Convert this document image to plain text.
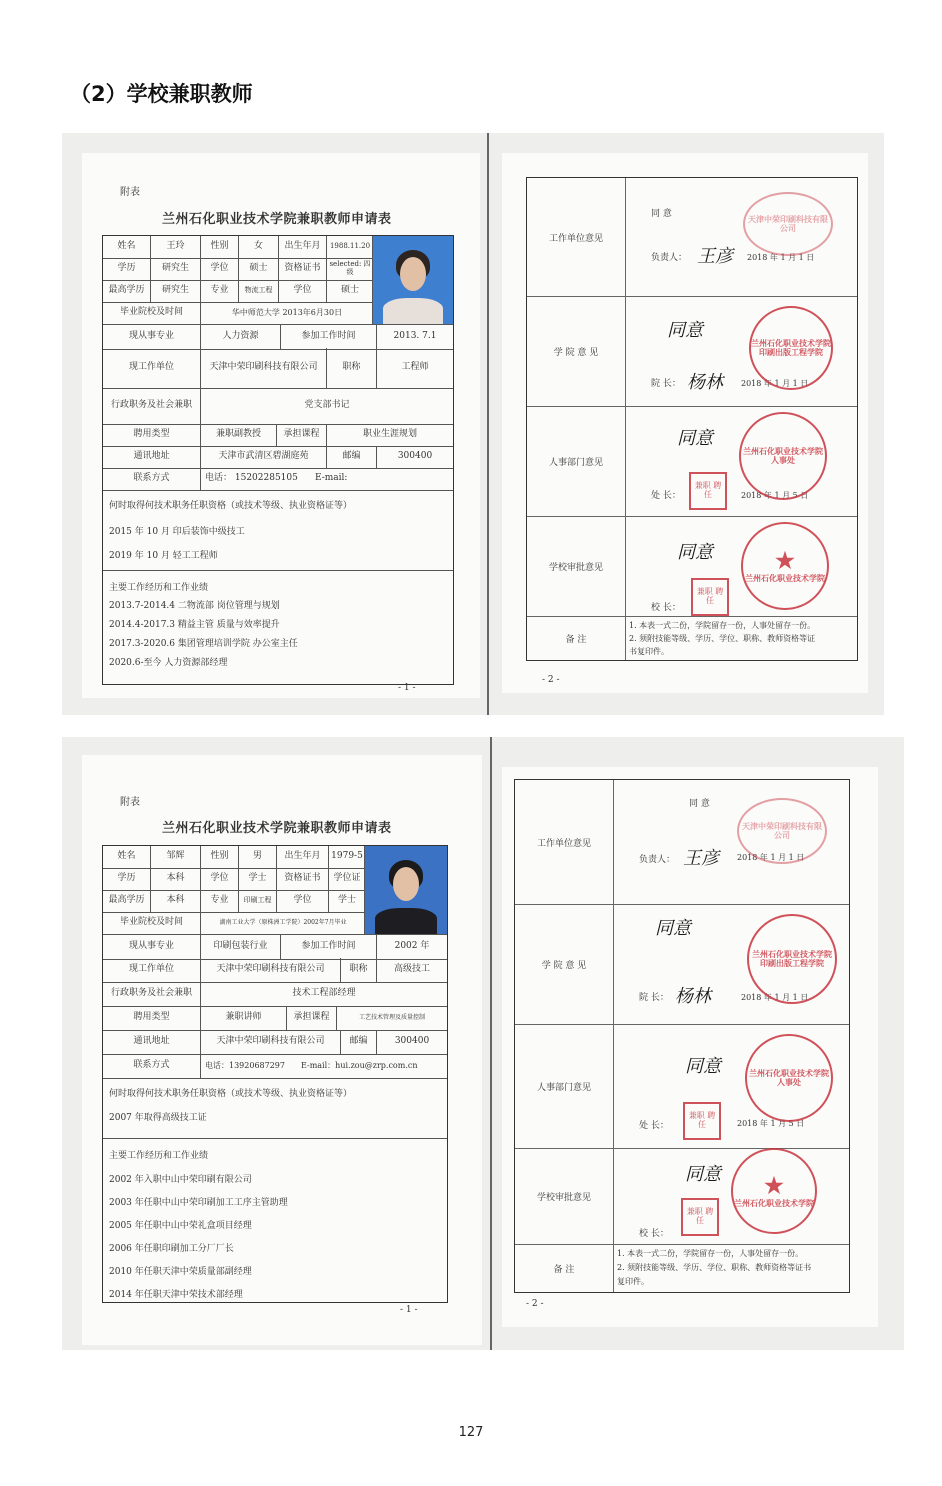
（2）学校兼职教师
附表
兰州石化职业技术学院兼职教师申请表
姓名	王玲	性别	女	出生年月	1988.11.20
学历	研究生	学位	硕士	资格证书	selected: 四级
最高学历	研究生	专业	物流工程	学位	硕士
毕业院校及时间	华中师范大学 2013年6月30日
现从事专业	人力资源	参加工作时间	2013. 7.1
现工作单位	天津中荣印刷科技有限公司	职称	工程师
行政职务及社会兼职	党支部书记
聘用类型	兼职副教授	承担课程	职业生涯规划
通讯地址	天津市武清区碧湖庭苑	邮编	300400
联系方式	电话： 15202285105	E-mail:
何时取得何技术职务任职资格（或技术等级、执业资格证等）
2015 年 10 月 印后装饰中级技工
2019 年 10 月 轻工工程师
主要工作经历和工作业绩
2013.7-2014.4 二物流部 岗位管理与规划
2014.4-2017.3 精益主管 质量与效率提升
2017.3-2020.6 集团管理培训学院 办公室主任
2020.6-至今 人力资源部经理
- 1 -
工作单位意见
同 意
负责人： 王彦 2018 年 1 月 1 日
天津中荣印刷科技有限公司
学 院 意 见
同意
院 长： 杨林 2018 年 1 月 1 日
兰州石化职业技术学院 印刷出版工程学院
人事部门意见
同意
处 长：	2018 年 1 月 5 日
兼职 聘任
兰州石化职业技术学院 人事处
学校审批意见
同意
校 长：
兼职 聘任
★
兰州石化职业技术学院
备 注
1. 本表一式二份，学院留存一份，人事处留存一份。
2. 须附技能等级、学历、学位、职称、教师资格等证
书复印件。
- 2 -
附表
兰州石化职业技术学院兼职教师申请表
姓名	邹辉	性别	男	出生年月	1979-5
学历	本科	学位	学士	资格证书	学位证
最高学历	本科	专业	印刷工程	学位	学士
毕业院校及时间	湖南工业大学（原株洲工学院）2002年7月毕业
现从事专业	印刷包装行业	参加工作时间	2002 年
现工作单位	天津中荣印刷科技有限公司	职称	高级技工
行政职务及社会兼职	技术工程部经理
聘用类型	兼职讲师	承担课程	工艺技术管理及质量控制
通讯地址	天津中荣印刷科技有限公司	邮编	300400
联系方式	电话：13920687297	E-mail：hui.zou@zrp.com.cn
何时取得何技术职务任职资格（或技术等级、执业资格证等）
2007 年取得高级技工证
主要工作经历和工作业绩
2002 年入职中山中荣印刷有限公司
2003 年任职中山中荣印刷加工工序主管助理
2005 年任职中山中荣礼盒项目经理
2006 年任职印刷加工分厂厂长
2010 年任职天津中荣质量部副经理
2014 年任职天津中荣技术部经理
- 1 -
工作单位意见
同 意
负责人： 王彦 2018 年 1 月 1 日
天津中荣印刷科技有限公司
学 院 意 见
同意
院 长： 杨林	2018 年 1 月 1 日
兰州石化职业技术学院 印刷出版工程学院
人事部门意见
同意
处 长：	2018 年 1 月 5 日
兼职 聘任
兰州石化职业技术学院 人事处
学校审批意见
同意
校 长：
兼职 聘任
★
兰州石化职业技术学院
备 注
1. 本表一式二份，学院留存一份，人事处留存一份。
2. 须附技能等级、学历、学位、职称、教师资格等证书
复印件。
- 2 -
127
